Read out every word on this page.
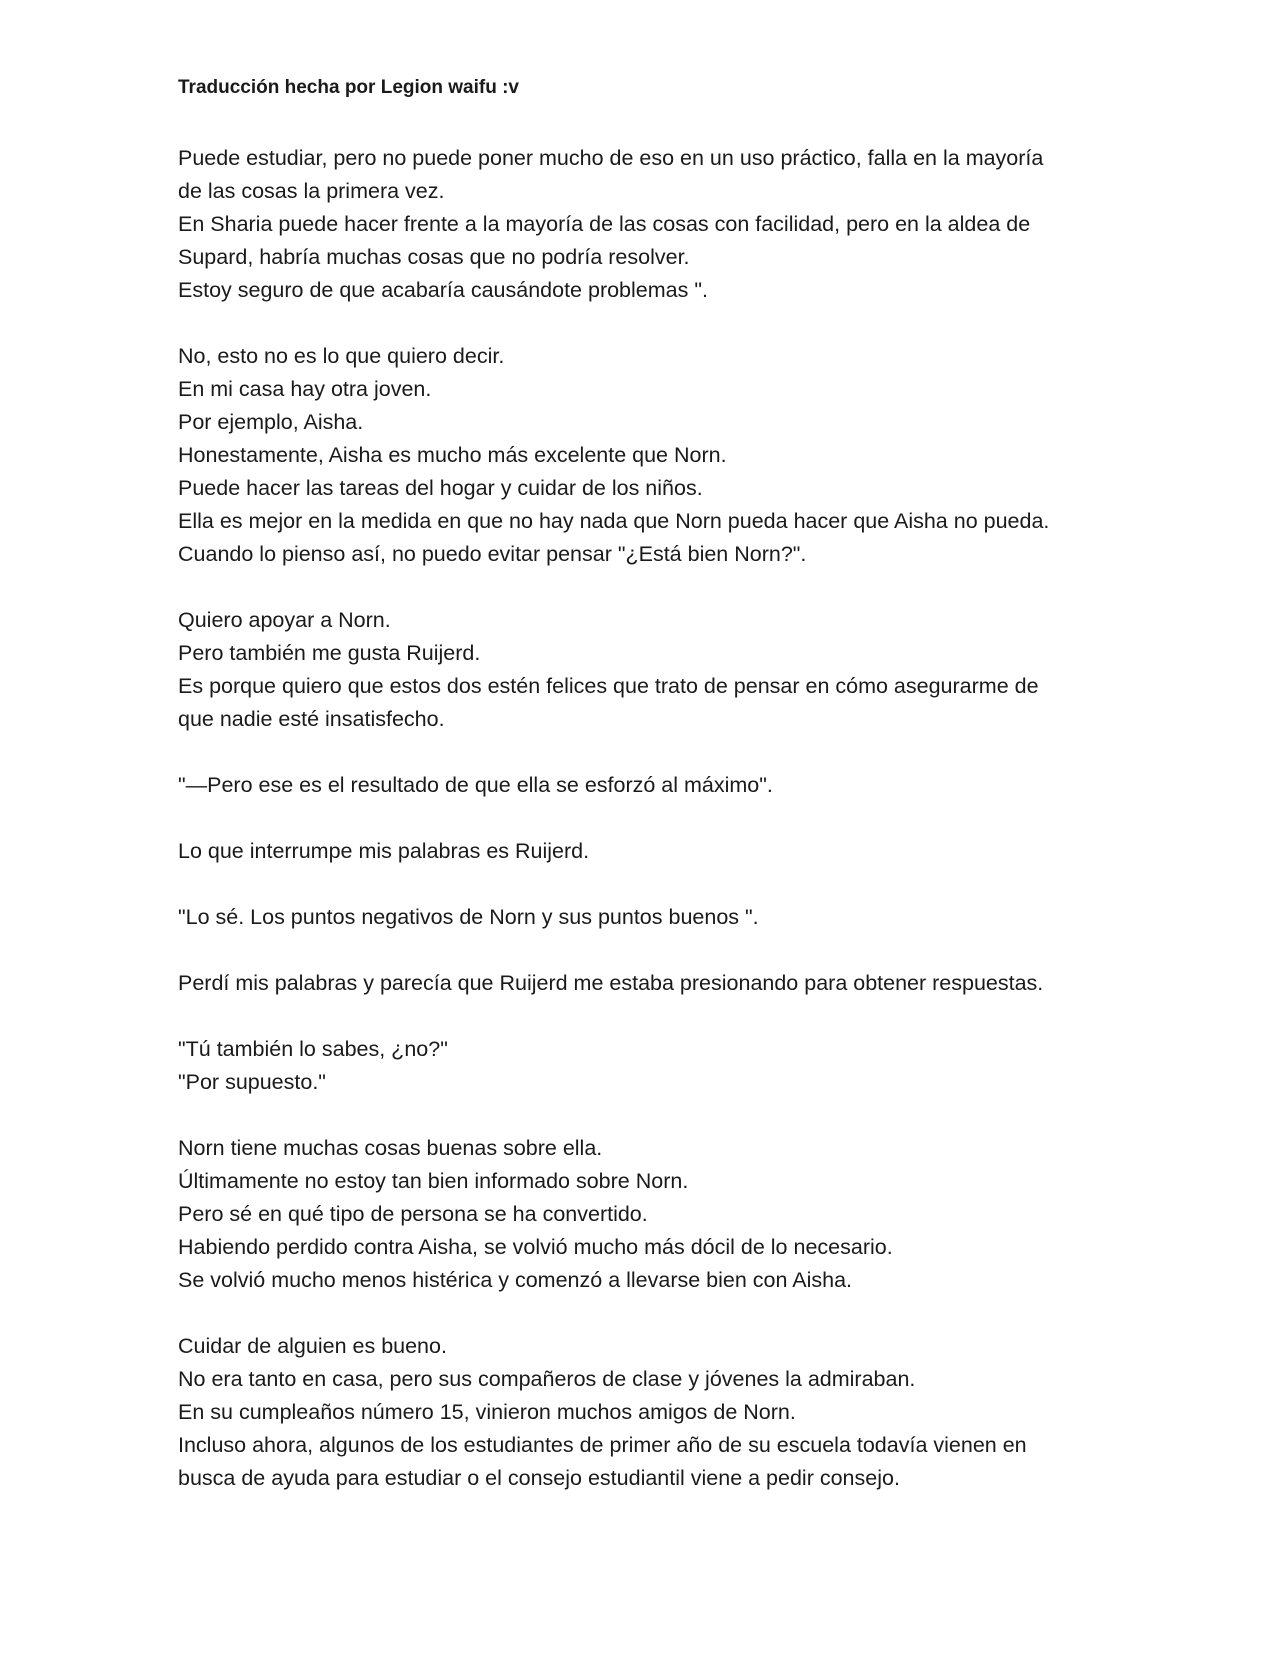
Traducción hecha por Legion waifu :v
Puede estudiar, pero no puede poner mucho de eso en un uso práctico, falla en la mayoría
de las cosas la primera vez.
En Sharia puede hacer frente a la mayoría de las cosas con facilidad, pero en la aldea de
Supard, habría muchas cosas que no podría resolver.
Estoy seguro de que acabaría causándote problemas ".
No, esto no es lo que quiero decir.
En mi casa hay otra joven.
Por ejemplo, Aisha.
Honestamente, Aisha es mucho más excelente que Norn.
Puede hacer las tareas del hogar y cuidar de los niños.
Ella es mejor en la medida en que no hay nada que Norn pueda hacer que Aisha no pueda.
Cuando lo pienso así, no puedo evitar pensar "¿Está bien Norn?".
Quiero apoyar a Norn.
Pero también me gusta Ruijerd.
Es porque quiero que estos dos estén felices que trato de pensar en cómo asegurarme de
que nadie esté insatisfecho.
"—Pero ese es el resultado de que ella se esforzó al máximo".
Lo que interrumpe mis palabras es Ruijerd.
"Lo sé. Los puntos negativos de Norn y sus puntos buenos ".
Perdí mis palabras y parecía que Ruijerd me estaba presionando para obtener respuestas.
"Tú también lo sabes, ¿no?"
"Por supuesto."
Norn tiene muchas cosas buenas sobre ella.
Últimamente no estoy tan bien informado sobre Norn.
Pero sé en qué tipo de persona se ha convertido.
Habiendo perdido contra Aisha, se volvió mucho más dócil de lo necesario.
Se volvió mucho menos histérica y comenzó a llevarse bien con Aisha.
Cuidar de alguien es bueno.
No era tanto en casa, pero sus compañeros de clase y jóvenes la admiraban.
En su cumpleaños número 15, vinieron muchos amigos de Norn.
Incluso ahora, algunos de los estudiantes de primer año de su escuela todavía vienen en
busca de ayuda para estudiar o el consejo estudiantil viene a pedir consejo.
